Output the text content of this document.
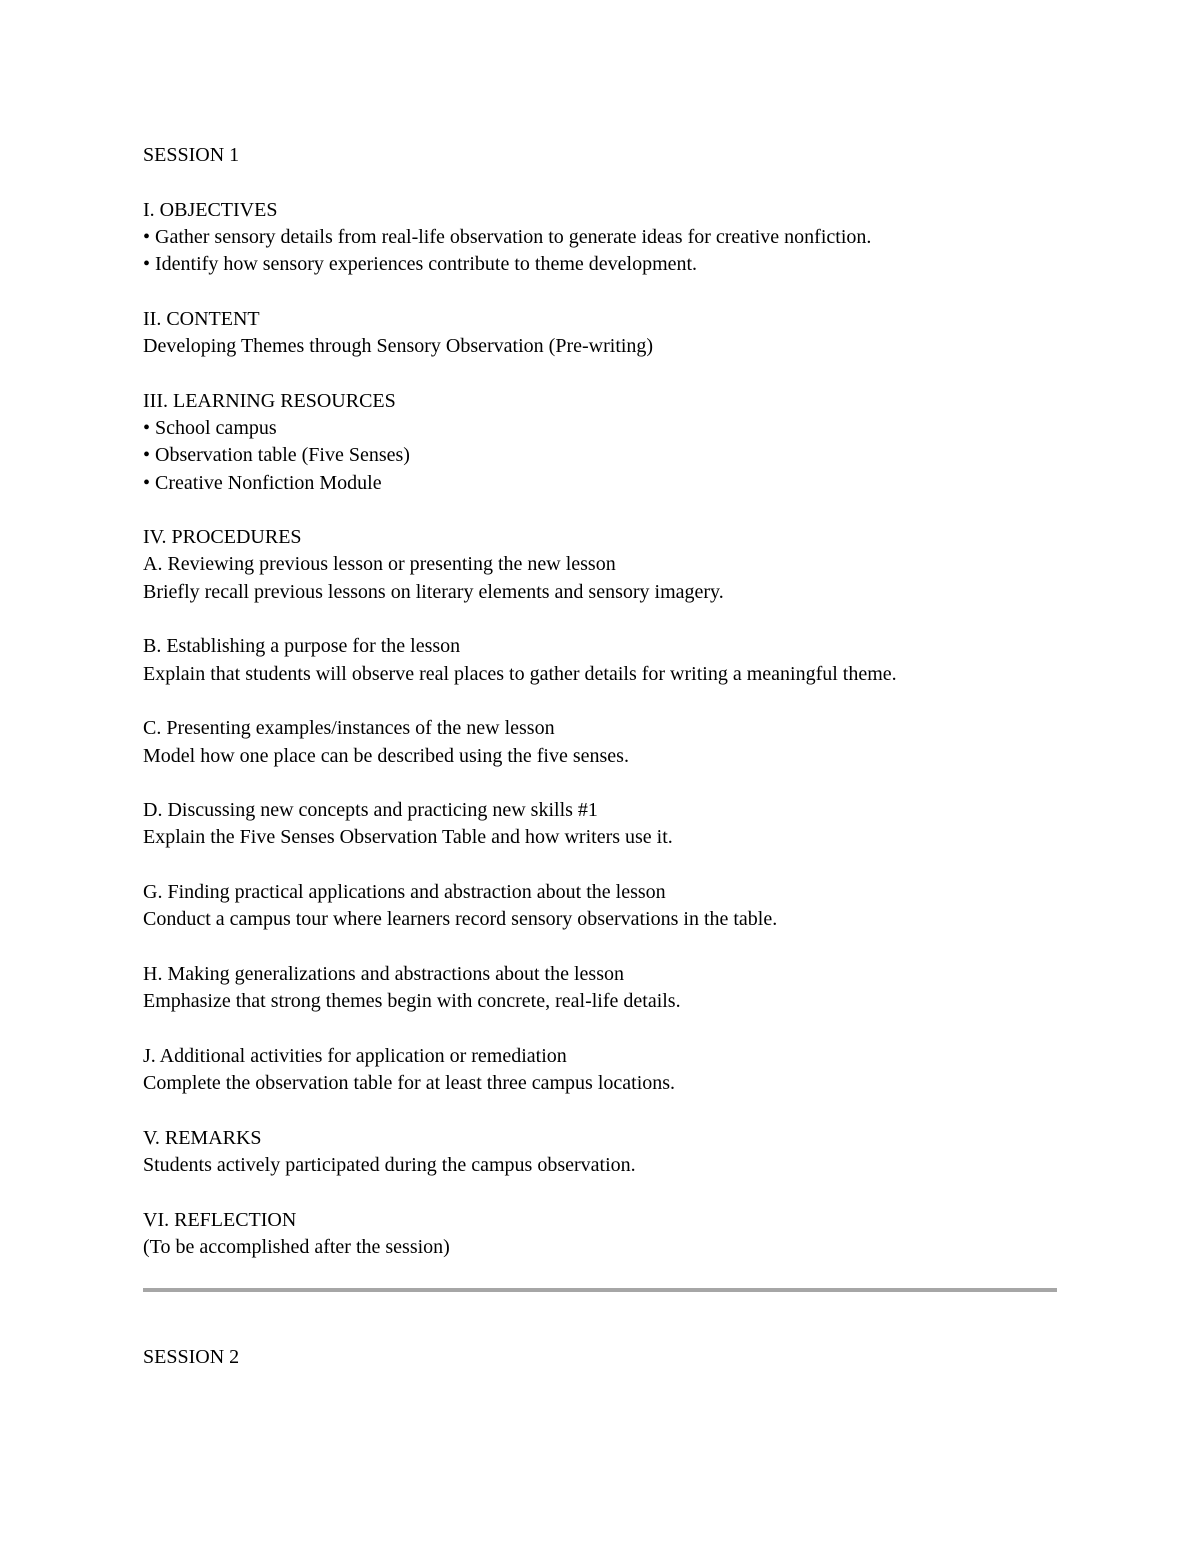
SESSION 1
I. OBJECTIVES
• Gather sensory details from real-life observation to generate ideas for creative nonfiction.
• Identify how sensory experiences contribute to theme development.
II. CONTENT
Developing Themes through Sensory Observation (Pre-writing)
III. LEARNING RESOURCES
• School campus
• Observation table (Five Senses)
• Creative Nonfiction Module
IV. PROCEDURES
A. Reviewing previous lesson or presenting the new lesson
Briefly recall previous lessons on literary elements and sensory imagery.
B. Establishing a purpose for the lesson
Explain that students will observe real places to gather details for writing a meaningful theme.
C. Presenting examples/instances of the new lesson
Model how one place can be described using the five senses.
D. Discussing new concepts and practicing new skills #1
Explain the Five Senses Observation Table and how writers use it.
G. Finding practical applications and abstraction about the lesson
Conduct a campus tour where learners record sensory observations in the table.
H. Making generalizations and abstractions about the lesson
Emphasize that strong themes begin with concrete, real-life details.
J. Additional activities for application or remediation
Complete the observation table for at least three campus locations.
V. REMARKS
Students actively participated during the campus observation.
VI. REFLECTION
(To be accomplished after the session)
SESSION 2
